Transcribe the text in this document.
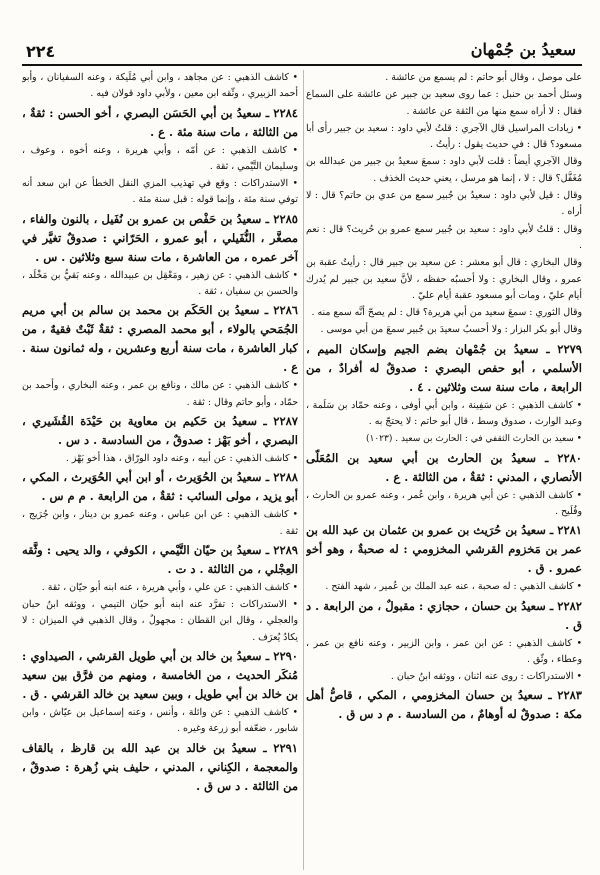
٢٢٤	سعيدُ بن جُمْهان

على موصل ، وقال أبو حاتم : لم يسمع من عائشة .

وسئل أحمد بن حنبل : عما روى سعيد بن جبير عن عائشة على السماع فقال : لا أراه سمع منها من الثقة عن عائشة .

• زيادات المراسيل قال الآجري : قلتُ لأبي داود : سعيد بن جبير رأى أبا مسعود؟ قال : في حديث يقول : رأيتُ .

وقال الآجري أيضاً : قلت لأبي داود : سمعَ سعيدُ بن جبير من عبدالله بن مُغَفَّل؟ قال : لا ، إنما هو مرسل ، يعني حديث الخذف .

وقال : قيل لأبي داود : سعيدُ بن جُبير سمع من عدي بن حاتم؟ قال : لا أراه .

وقال : قلتُ لأبي داود : سعيد بن جُبير سمع عمرو بن حُريث؟ قال : نعم .

وقال البخاري : قال أبو معشر : عن سعيد بن جبير قال : رأيتُ عقبة بن عمرو ، وقال البخاري : ولا أحسبُه حفظه ، لأنَّ سعيد بن جبير لم يُدرك أيام عليّ ، ومات أبو مسعود عقبة أيام عليّ .

وقال الثوري : سمعَ سعيد من أبي هريرة؟ قال : لم يصحّ أنَّه سمع منه .

وقال أبو بكر البزار : ولا أحسبُ سعيدَ بن جُبير سمعَ من أبي موسى .

٢٢٧٩ ـ سعيدُ بن جُمْهان بضم الجيم وإسكان الميم ، الأسلمي ، أبو حفص البصري : صدوقٌ له أفرادٌ ، من الرابعة ، مات سنة ست وثلاثين . ٤ .

• كاشف الذهبي : عن سَفِينة ، وابن أبي أوفى ، وعنه حمّاد بن سَلَمة ، وعبد الوارث ، صدوق وسط ، قال أبو حاتم : لا يحتجّ به .

• سعيد بن الحارث الثقفي في : الحارث بن سعيد . (١٠٢٣)

٢٢٨٠ ـ سعيدُ بن الحارث بن أبي سعيد بن المُعَلّى الأنصاري ، المدني : ثقةٌ ، من الثالثة . ع .

• كاشف الذهبي : عن أبي هريرة ، وابن عُمر ، وعنه عمرو بن الحارث ، وفُلَيح .

٢٢٨١ ـ سعيدُ بن حُرَيث بن عمرو بن عثمان بن عبد الله بن عمر بن مَخزوم القرشي المخزومي : له صحبةٌ ، وهو أخو عمرو . ق .

• كاشف الذهبي : له صحبة ، عنه عبد الملك بن عُمير ، شهد الفتح .

٢٢٨٢ ـ سعيدُ بن حسان ، حجازي : مقبولٌ ، من الرابعة . د ق .

• كاشف الذهبي : عن ابن عمر ، وابن الزبير ، وعنه نافع بن عمر ، وعطاء ، وثّق .

• الاستدراكات : روى عنه اثنان ، ووثقه ابنُ حبان .

٢٢٨٣ ـ سعيدُ بن حسان المخزومي ، المكي ، قاصُّ أهل مكة : صدوقٌ له أوهامٌ ، من السادسة . م د س ق .

• كاشف الذهبي : عن مجاهد ، وابن أبي مُلَيكة ، وعنه السفيانان ، وأبو أحمد الزبيري ، وثّقه ابن معين ، ولأبي داود قولان فيه .

٢٢٨٤ ـ سعيدُ بن أبي الحَسَن البصري ، أخو الحسن : ثقةٌ ، من الثالثة ، مات سنة مئة . ع .

• كاشف الذهبي : عن أمّه ، وأبي هريرة ، وعنه أخوه ، وعوف ، وسليمان التَّيْمي ، ثقة .

• الاستدراكات : وقع في تهذيب المزي النقل الخطأ عن ابن سعد أنه توفي سنة مئة ، وإنما قوله : قبل سنة مئة .

٢٢٨٥ ـ سعيدُ بن حَفْص بن عمرو بن نُفَيل ، بالنون والفاء ، مصغَّر ، النُّفَيلي ، أبو عمرو ، الحَرّاني : صدوقٌ تغيَّر في آخر عمره ، من العاشرة ، مات سنة سبع وثلاثين . س .

• كاشف الذهبي : عن زهير ، ومَعْقِل بن عبيدالله ، وعنه بَقيُّ بن مَخْلَد ، والحسن بن سفيان ، ثقة .

٢٢٨٦ ـ سعيدُ بن الحَكَم بن محمد بن سالم بن أبي مريم الجُمَحي بالولاء ، أبو محمد المصري : ثقةٌ ثَبْتٌ فقيهٌ ، من كبار العاشرة ، مات سنة أربع وعشرين ، وله ثمانون سنة . ع .

• كاشف الذهبي : عن مالك ، ونافع بن عمر ، وعنه البخاري ، وأحمد بن حمّاد ، وأبو حاتم وقال : ثقة .

٢٢٨٧ ـ سعيدُ بن حَكيم بن معاوية بن حَيْدَة القُشَيري ، البصري ، أخو بَهْز : صدوقٌ ، من السادسة . د س .

• كاشف الذهبي : عن أبيه ، وعنه داود الورّاق ، هذا أخو بَهْز .

٢٢٨٨ ـ سعيدُ بن الحُوَيرث ، أو ابن أبي الحُوَيرث ، المكي ، أبو يزيد ، مولى السائب : ثقةٌ ، من الرابعة . م م س .

• كاشف الذهبي : عن ابن عباس ، وعنه عمرو بن دينار ، وابن جُرَيج ، ثقة .

٢٢٨٩ ـ سعيدُ بن حيّان التَّيْمي ، الكوفي ، والد يحيى : وثَّقه العِجْلي ، من الثالثة . د ت .

• كاشف الذهبي : عن علي ، وأبي هريرة ، عنه ابنه أبو حيّان ، ثقة .

• الاستدراكات : تفرَّد عنه ابنه أبو حيّان التيمي ، ووثقه ابنُ حبان والعجلي ، وقال ابن القطان : مجهولٌ ، وقال الذهبي في الميزان : لا يكادُ يُعرَف .

٢٢٩٠ ـ سعيدُ بن خالد بن أبي طويل القرشي ، الصيداوي : مُنكَر الحديث ، من الخامسة ، ومنهم من فرَّق بين سعيد بن خالد بن أبي طويل ، وبين سعيد بن خالد القرشي . ق .

• كاشف الذهبي : عن وائلة ، وأنس ، وعنه إسماعيل بن عيّاش ، وابن شابور ، ضعّفه أبو زرعة وغيره .

٢٢٩١ ـ سعيدُ بن خالد بن عبد الله بن قارظ ، بالقاف والمعجمة ، الكِناني ، المدني ، حليف بني زُهرة : صدوقٌ ، من الثالثة . د س ق .
